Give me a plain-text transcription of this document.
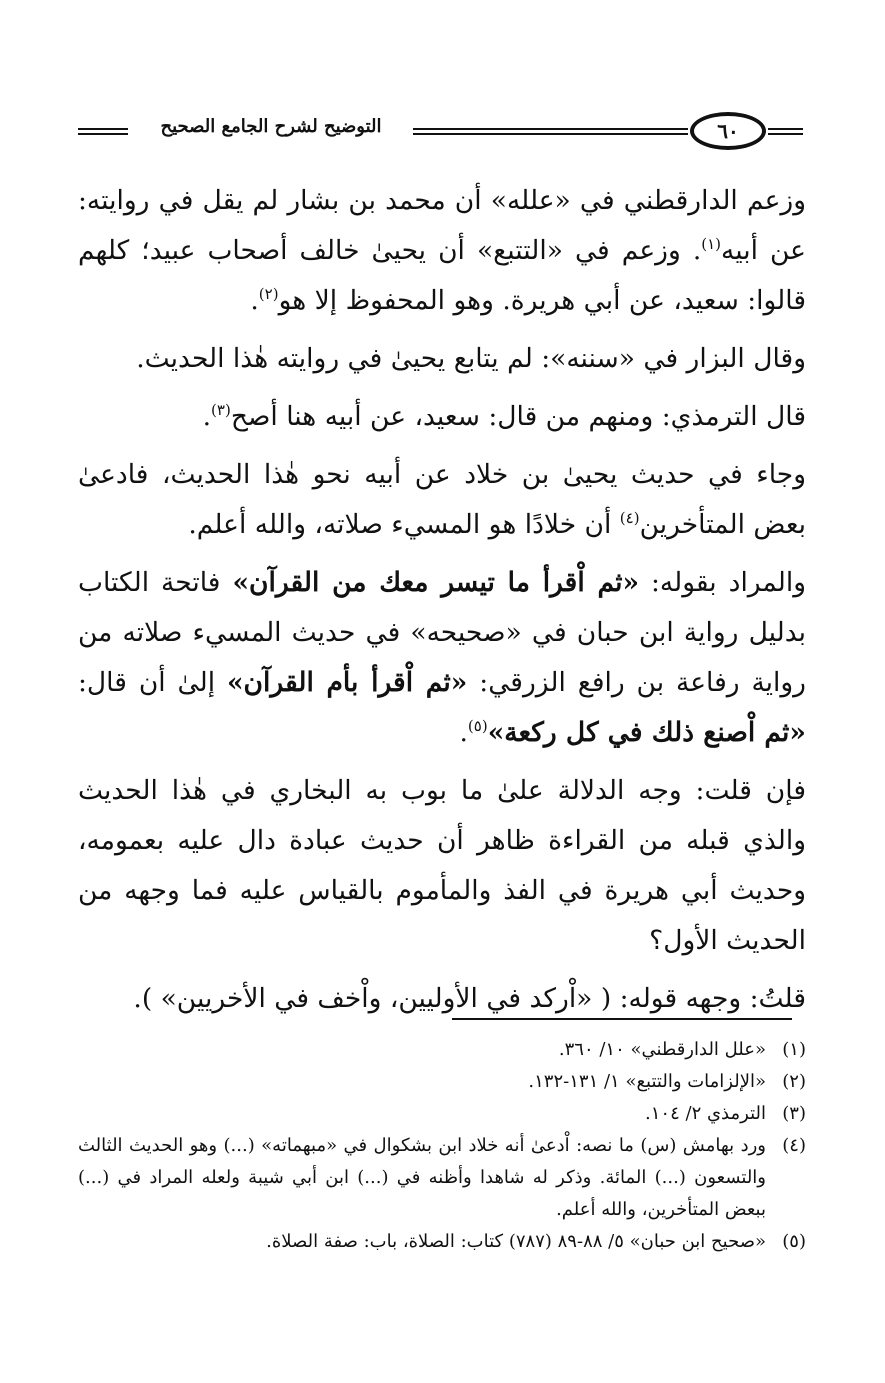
التوضيح لشرح الجامع الصحيح	٦٠

وزعم الدارقطني في «علله» أن محمد بن بشار لم يقل في روايته: عن أبيه$^{(١)}$. وزعم في «التتبع» أن يحيىٰ خالف أصحاب عبيد؛ كلهم قالوا: سعيد، عن أبي هريرة. وهو المحفوظ إلا هو$^{(٢)}$.

وقال البزار في «سننه»: لم يتابع يحيىٰ في روايته هٰذا الحديث.

قال الترمذي: ومنهم من قال: سعيد، عن أبيه هنا أصح$^{(٣)}$.

وجاء في حديث يحيىٰ بن خلاد عن أبيه نحو هٰذا الحديث، فادعىٰ بعض المتأخرين$^{(٤)}$ أن خلادًا هو المسيء صلاته، والله أعلم.

والمراد بقوله: «ثم اْقرأ ما تيسر معك من القرآن» فاتحة الكتاب بدليل رواية ابن حبان في «صحيحه» في حديث المسيء صلاته من رواية رفاعة بن رافع الزرقي: «ثم اْقرأ بأم القرآن» إلىٰ أن قال: «ثم اْصنع ذلك في كل ركعة»$^{(٥)}$.

فإن قلت: وجه الدلالة علىٰ ما بوب به البخاري في هٰذا الحديث والذي قبله من القراءة ظاهر أن حديث عبادة دال عليه بعمومه، وحديث أبي هريرة في الفذ والمأموم بالقياس عليه فما وجهه من الحديث الأول؟

قلتُ: وجهه قوله: ( «اْركد في الأوليين، واْخف في الأخريين» ).

(١)
«علل الدارقطني» ١٠/ ٣٦٠.
(٢)
«الإلزامات والتتبع» ١/ ١٣١-١٣٢.
(٣)
الترمذي ٢/ ١٠٤.
(٤)
ورد بهامش (س) ما نصه: اْدعىٰ أنه خلاد ابن بشكوال في «مبهماته» (...) وهو الحديث الثالث والتسعون (...) المائة. وذكر له شاهدا وأظنه في (...) ابن أبي شيبة ولعله المراد في (...) ببعض المتأخرين، والله أعلم.
(٥)
«صحيح ابن حبان» ٥/ ٨٨-٨٩ (٧٨٧) كتاب: الصلاة، باب: صفة الصلاة.
